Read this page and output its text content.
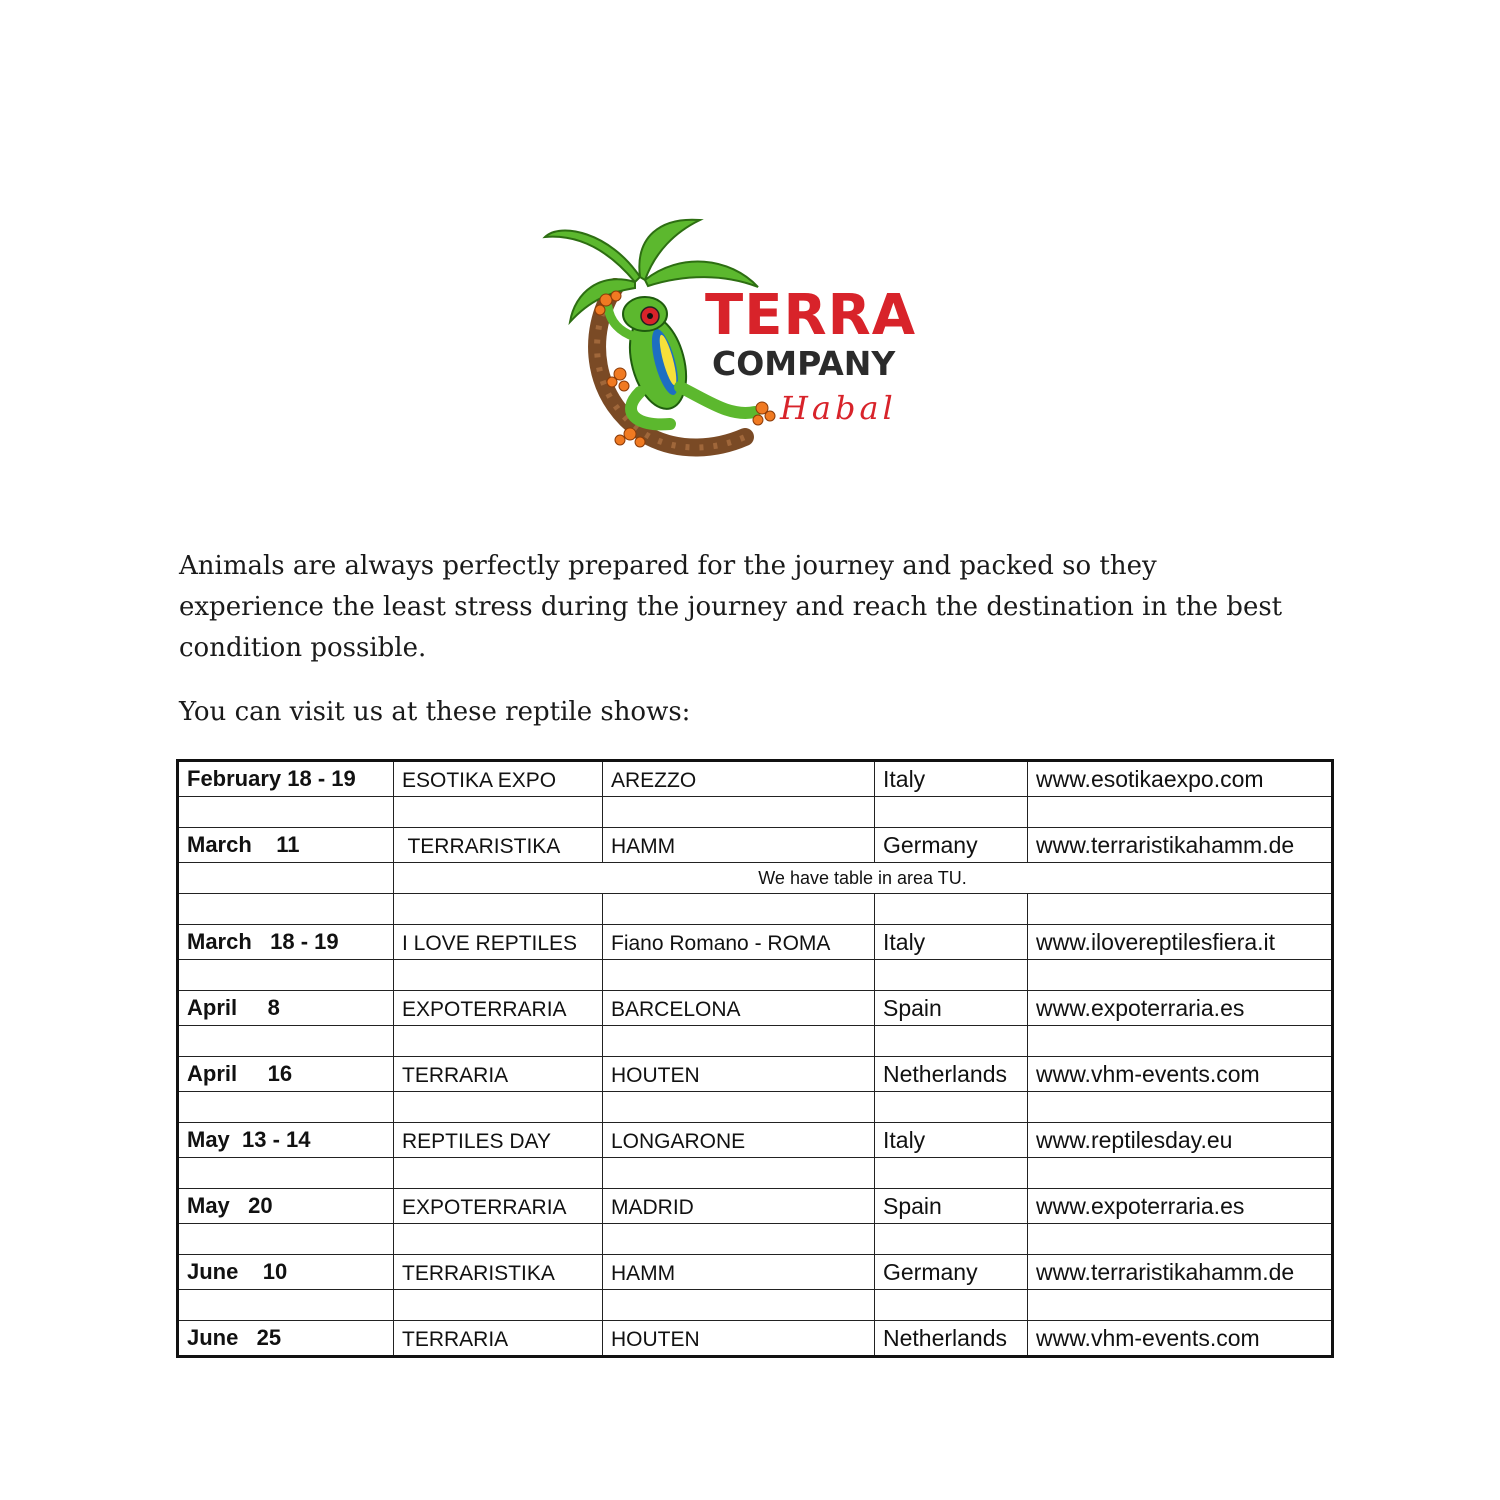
TERRA
COMPANY
Habal

Animals are always perfectly prepared for the journey and packed so they experience the least stress during the journey and reach the destination in the best condition possible.

You can visit us at these reptile shows:

February 18 - 19	ESOTIKA EXPO	AREZZO	Italy	www.esotikaexpo.com

March    11	TERRARISTIKA	HAMM	Germany	www.terraristikahamm.de
	We have table in area TU.			

March   18 - 19	I LOVE REPTILES	Fiano Romano - ROMA	Italy	www.ilovereptilesfiera.it

April     8	EXPOTERRARIA	BARCELONA	Spain	www.expoterraria.es

April     16	TERRARIA	HOUTEN	Netherlands	www.vhm-events.com

May  13 - 14	REPTILES DAY	LONGARONE	Italy	www.reptilesday.eu

May   20	EXPOTERRARIA	MADRID	Spain	www.expoterraria.es

June    10	TERRARISTIKA	HAMM	Germany	www.terraristikahamm.de

June   25	TERRARIA	HOUTEN	Netherlands	www.vhm-events.com
